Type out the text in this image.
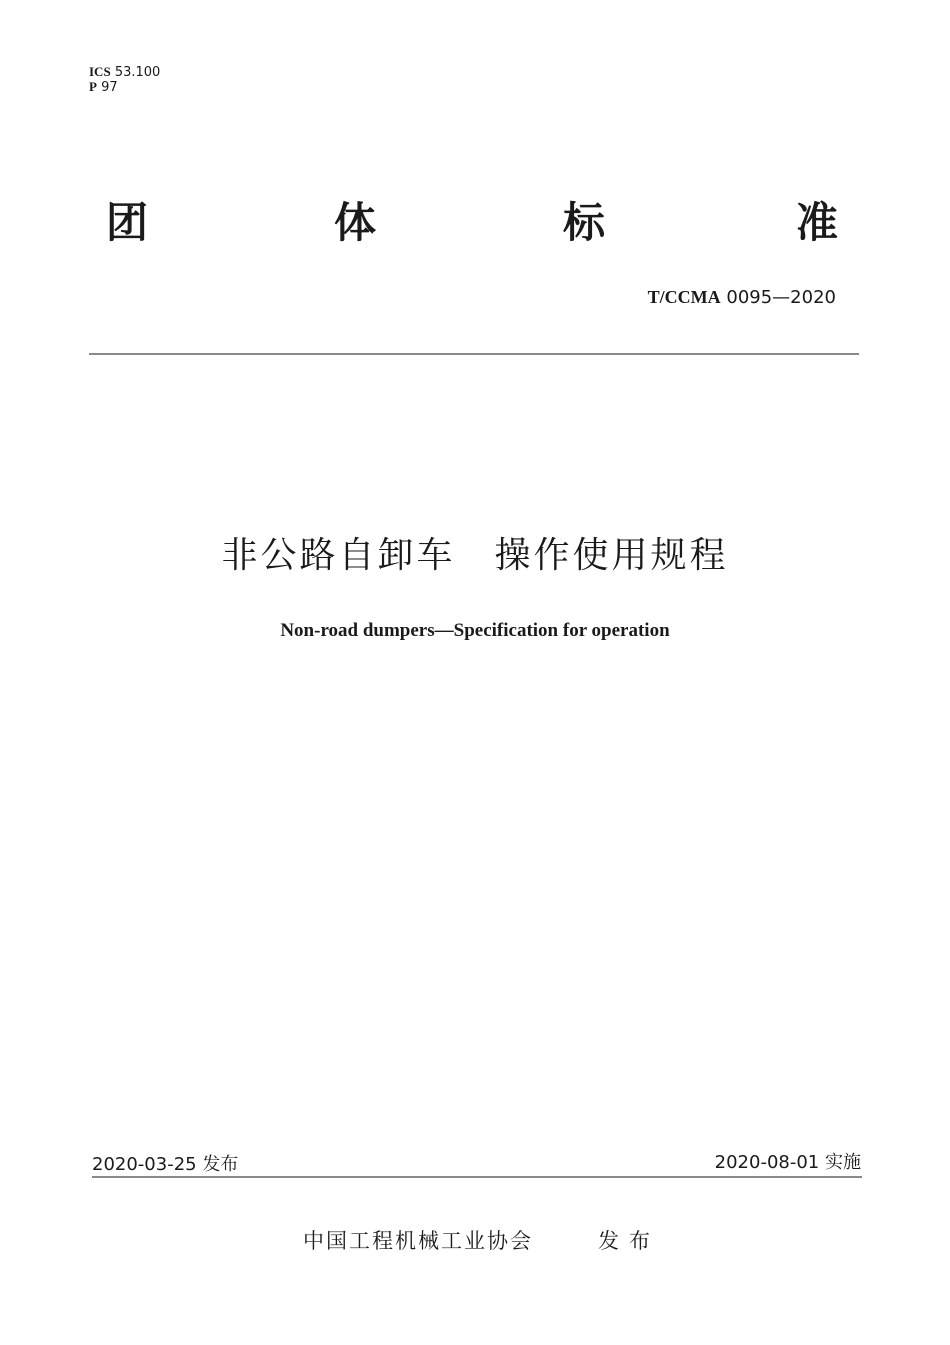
ICS 53.100
P 97
团	体	标	准
T/CCMA 0095—2020
非公路自卸车　操作使用规程
Non-road dumpers—Specification for operation
2020-03-25 发布	2020-08-01 实施
中国工程机械工业协会	发布
